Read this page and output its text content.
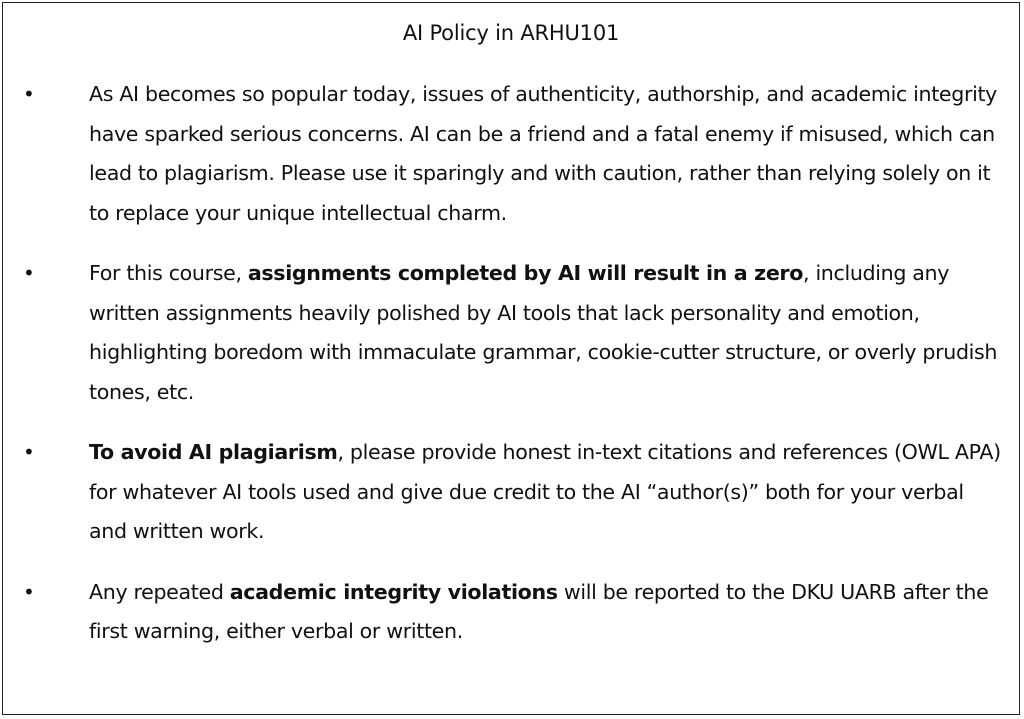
AI Policy in ARHU101
•	As AI becomes so popular today, issues of authenticity, authorship, and academic integrity have sparked serious concerns. AI can be a friend and a fatal enemy if misused, which can lead to plagiarism. Please use it sparingly and with caution, rather than relying solely on it to replace your unique intellectual charm.
•	For this course, assignments completed by AI will result in a zero, including any written assignments heavily polished by AI tools that lack personality and emotion, highlighting boredom with immaculate grammar, cookie-cutter structure, or overly prudish tones, etc.
•	To avoid AI plagiarism, please provide honest in-text citations and references (OWL APA) for whatever AI tools used and give due credit to the AI “author(s)” both for your verbal and written work.
•	Any repeated academic integrity violations will be reported to the DKU UARB after the first warning, either verbal or written.
